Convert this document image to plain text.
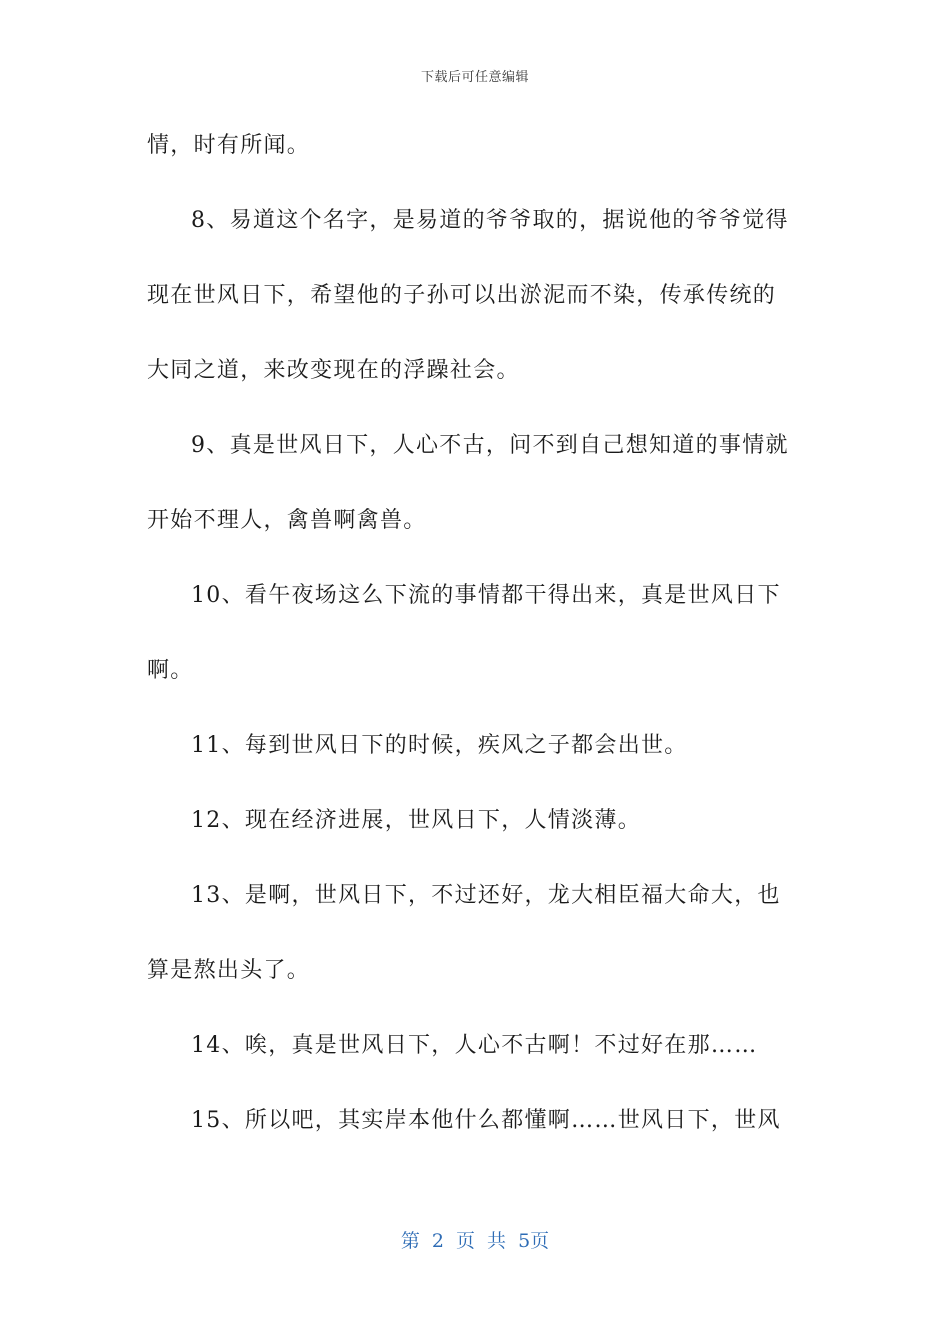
下载后可任意编辑
情，时有所闻。
8、易道这个名字，是易道的爷爷取的，据说他的爷爷觉得
现在世风日下，希望他的子孙可以出淤泥而不染，传承传统的
大同之道，来改变现在的浮躁社会。
9、真是世风日下，人心不古，问不到自己想知道的事情就
开始不理人，禽兽啊禽兽。
10、看午夜场这么下流的事情都干得出来，真是世风日下
啊。
11、每到世风日下的时候，疾风之子都会出世。
12、现在经济进展，世风日下，人情淡薄。
13、是啊，世风日下，不过还好，龙大相臣福大命大，也
算是熬出头了。
14、唉，真是世风日下，人心不古啊！不过好在那……
15、所以吧，其实岸本他什么都懂啊……世风日下，世风
第 2 页 共 5页
